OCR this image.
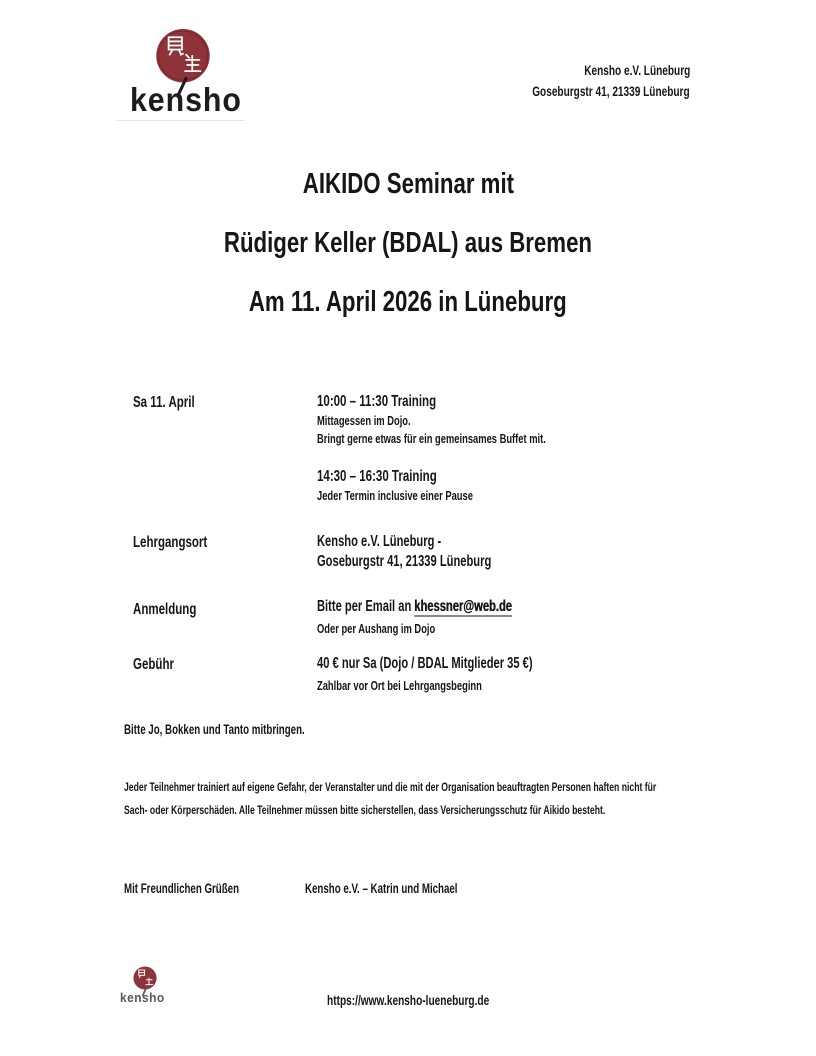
kensho
Kensho e.V. Lüneburg
Goseburgstr 41, 21339 Lüneburg
AIKIDO Seminar mit
Rüdiger Keller (BDAL) aus Bremen
Am 11. April 2026 in Lüneburg
Sa 11. April	10:00 – 11:30 Training
Mittagessen im Dojo.
Bringt gerne etwas für ein gemeinsames Buffet mit.
14:30 – 16:30 Training
Jeder Termin inclusive einer Pause
Lehrgangsort	Kensho e.V. Lüneburg -
Goseburgstr 41, 21339 Lüneburg
Anmeldung	Bitte per Email an khessner@web.de
Oder per Aushang im Dojo
Gebühr	40 € nur Sa (Dojo / BDAL Mitglieder 35 €)
Zahlbar vor Ort bei Lehrgangsbeginn
Bitte Jo, Bokken und Tanto mitbringen.
Jeder Teilnehmer trainiert auf eigene Gefahr, der Veranstalter und die mit der Organisation beauftragten Personen haften nicht für
Sach- oder Körperschäden. Alle Teilnehmer müssen bitte sicherstellen, dass Versicherungsschutz für Aikido besteht.
Mit Freundlichen Grüßen	Kensho e.V. – Katrin und Michael
kensho	https://www.kensho-lueneburg.de
